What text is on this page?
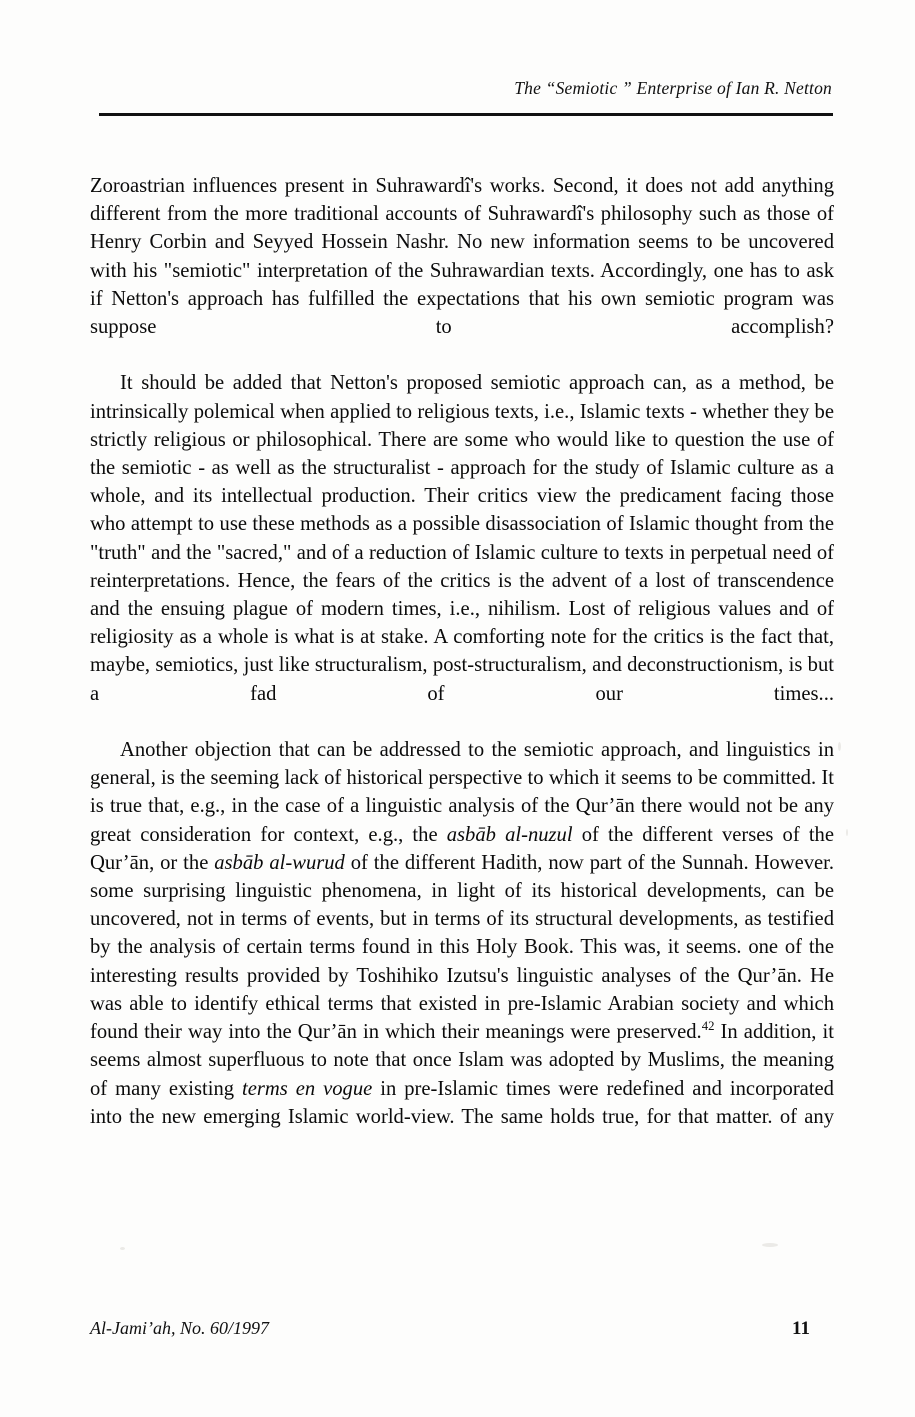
The “Semiotic ” Enterprise of Ian R. Netton

Zoroastrian influences present in Suhrawardî's works. Second, it does not add anything different from the more traditional accounts of Suhrawardî's philosophy such as those of Henry Corbin and Seyyed Hossein Nashr. No new information seems to be uncovered with his "semiotic" interpretation of the Suhrawardian texts. Accordingly, one has to ask if Netton's approach has fulfilled the expectations that his own semiotic program was suppose to accomplish?

It should be added that Netton's proposed semiotic approach can, as a method, be intrinsically polemical when applied to religious texts, i.e., Islamic texts - whether they be strictly religious or philosophical. There are some who would like to question the use of the semiotic - as well as the structuralist - approach for the study of Islamic culture as a whole, and its intellectual production. Their critics view the predicament facing those who attempt to use these methods as a possible disassociation of Islamic thought from the "truth" and the "sacred," and of a reduction of Islamic culture to texts in perpetual need of reinterpretations. Hence, the fears of the critics is the advent of a lost of transcendence and the ensuing plague of modern times, i.e., nihilism. Lost of religious values and of religiosity as a whole is what is at stake. A comforting note for the critics is the fact that, maybe, semiotics, just like structuralism, post-structuralism, and deconstructionism, is but a fad of our times...

Another objection that can be addressed to the semiotic approach, and linguistics in general, is the seeming lack of historical perspective to which it seems to be committed. It is true that, e.g., in the case of a linguistic analysis of the Qur’ān there would not be any great consideration for context, e.g., the asbāb al-nuzul of the different verses of the Qur’ān, or the asbāb al-wurud of the different Hadith, now part of the Sunnah. However. some surprising linguistic phenomena, in light of its historical developments, can be uncovered, not in terms of events, but in terms of its structural developments, as testified by the analysis of certain terms found in this Holy Book. This was, it seems. one of the interesting results provided by Toshihiko Izutsu's linguistic analyses of the Qur’ān. He was able to identify ethical terms that existed in pre-Islamic Arabian society and which found their way into the Qur’ān in which their meanings were preserved.$^{42}$ In addition, it seems almost superfluous to note that once Islam was adopted by Muslims, the meaning of many existing terms en vogue in pre-Islamic times were redefined and incorporated into the new emerging Islamic world-view. The same holds true, for that matter. of any

Al-Jami’ah, No. 60/1997	11
